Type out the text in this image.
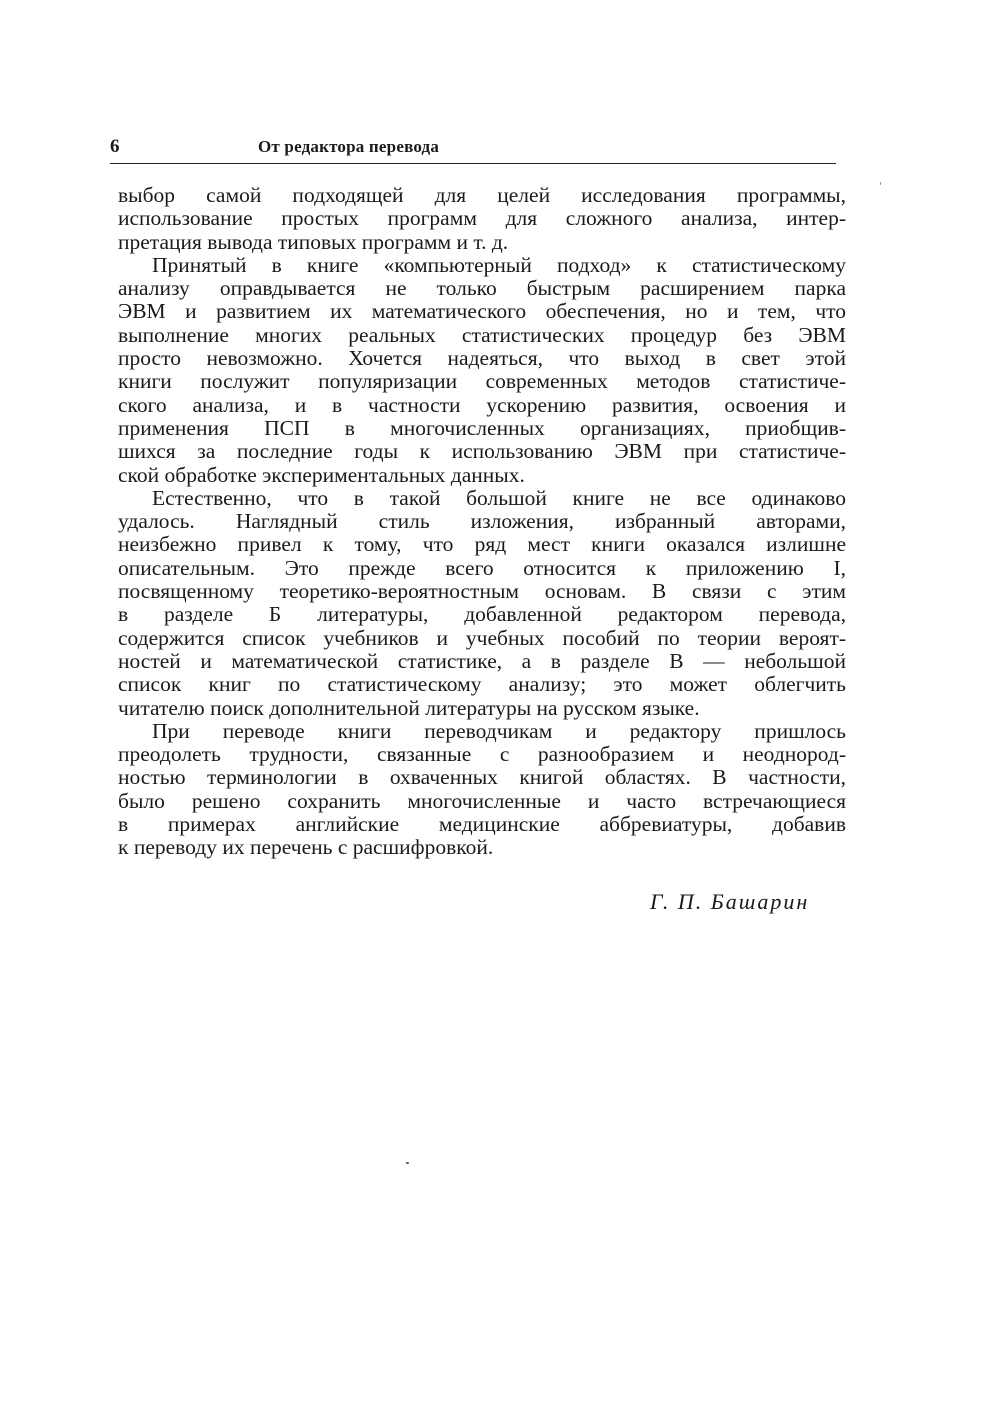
6	От редактора перевода
выбор самой подходящей для целей исследования программы,
использование простых программ для сложного анализа, интер-
претация вывода типовых программ и т. д.
Принятый в книге «компьютерный подход» к статистическому
анализу оправдывается не только быстрым расширением парка
ЭВМ и развитием их математического обеспечения, но и тем, что
выполнение многих реальных статистических процедур без ЭВМ
просто невозможно. Хочется надеяться, что выход в свет этой
книги послужит популяризации современных методов статистиче-
ского анализа, и в частности ускорению развития, освоения и
применения ПСП в многочисленных организациях, приобщив-
шихся за последние годы к использованию ЭВМ при статистиче-
ской обработке экспериментальных данных.
Естественно, что в такой большой книге не все одинаково
удалось. Наглядный стиль изложения, избранный авторами,
неизбежно привел к тому, что ряд мест книги оказался излишне
описательным. Это прежде всего относится к приложению I,
посвященному теоретико-вероятностным основам. В связи с этим
в разделе Б литературы, добавленной редактором перевода,
содержится список учебников и учебных пособий по теории вероят-
ностей и математической статистике, а в разделе В — небольшой
список книг по статистическому анализу; это может облегчить
читателю поиск дополнительной литературы на русском языке.
При переводе книги переводчикам и редактору пришлось
преодолеть трудности, связанные с разнообразием и неоднород-
ностью терминологии в охваченных книгой областях. В частности,
было решено сохранить многочисленные и часто встречающиеся
в примерах английские медицинские аббревиатуры, добавив
к переводу их перечень с расшифровкой.
Г. П. Башарин
